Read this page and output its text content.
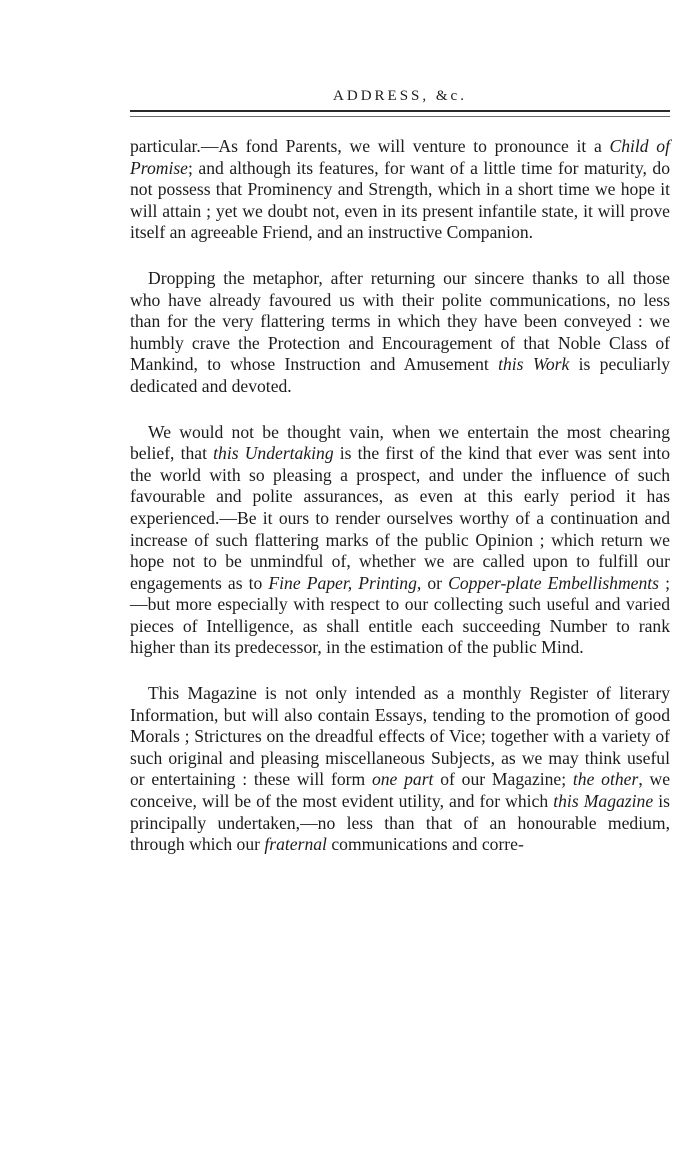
ADDRESS, &c.

particular.—As fond Parents, we will venture to pronounce it a Child of Promise; and although its features, for want of a little time for maturity, do not possess that Prominency and Strength, which in a short time we hope it will attain ; yet we doubt not, even in its present infantile state, it will prove itself an agreeable Friend, and an instructive Companion.

Dropping the metaphor, after returning our sincere thanks to all those who have already favoured us with their polite communications, no less than for the very flattering terms in which they have been conveyed : we humbly crave the Protection and Encouragement of that Noble Class of Mankind, to whose Instruction and Amusement this Work is peculiarly dedicated and devoted.

We would not be thought vain, when we entertain the most chearing belief, that this Undertaking is the first of the kind that ever was sent into the world with so pleasing a prospect, and under the influence of such favourable and polite assurances, as even at this early period it has experienced.—Be it ours to render ourselves worthy of a continuation and increase of such flattering marks of the public Opinion ; which return we hope not to be unmindful of, whether we are called upon to fulfill our engagements as to Fine Paper, Printing, or Copper-plate Embellishments ;—but more especially with respect to our collecting such useful and varied pieces of Intelligence, as shall entitle each succeeding Number to rank higher than its predecessor, in the estimation of the public Mind.

This Magazine is not only intended as a monthly Register of literary Information, but will also contain Essays, tending to the promotion of good Morals ; Strictures on the dreadful effects of Vice; together with a variety of such original and pleasing miscellaneous Subjects, as we may think useful or entertaining : these will form one part of our Magazine; the other, we conceive, will be of the most evident utility, and for which this Magazine is principally undertaken,—no less than that of an honourable medium, through which our fraternal communications and corre-
